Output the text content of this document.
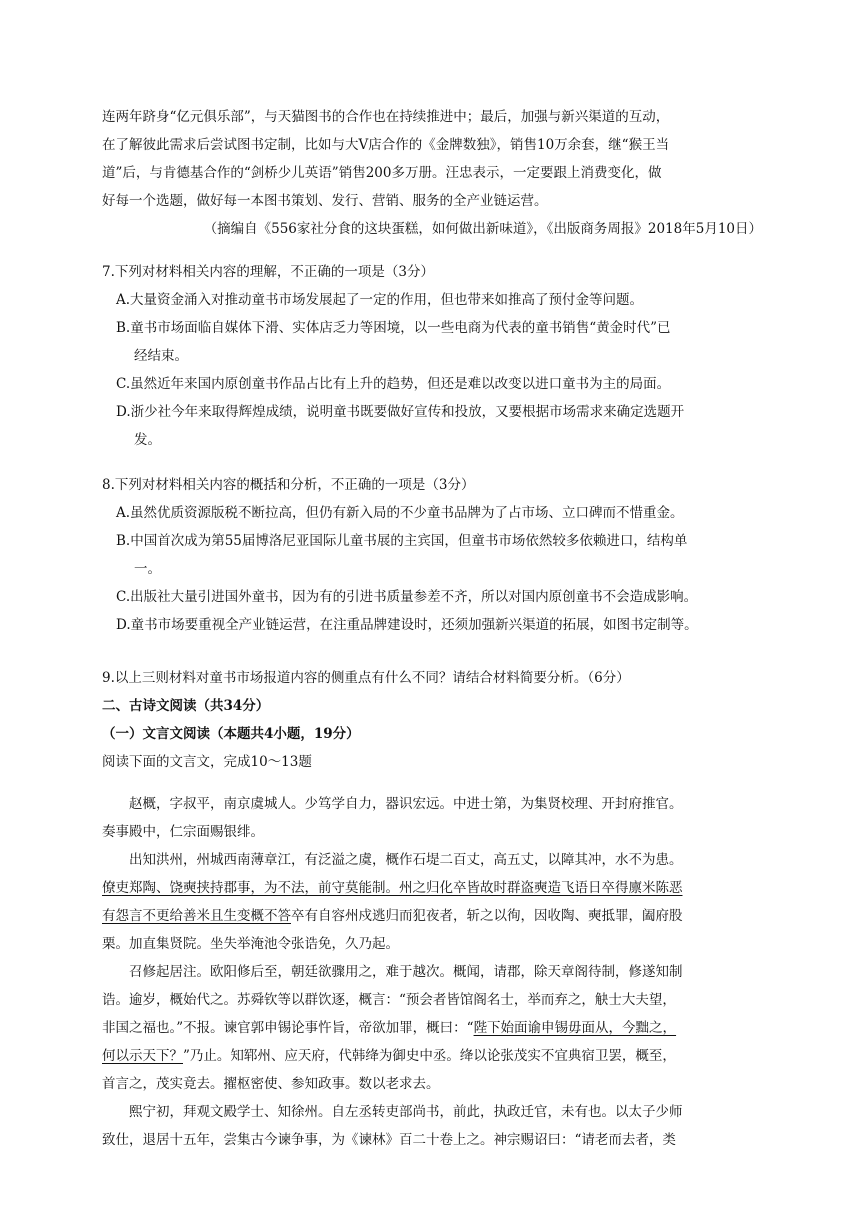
连两年跻身“亿元俱乐部”，与天猫图书的合作也在持续推进中；最后，加强与新兴渠道的互动，

在了解彼此需求后尝试图书定制，比如与大V店合作的《金牌数独》，销售10万余套，继“猴王当

道”后，与肯德基合作的“剑桥少儿英语”销售200多万册。汪忠表示，一定要跟上消费变化，做

好每一个选题，做好每一本图书策划、发行、营销、服务的全产业链运营。

（摘编自《556家社分食的这块蛋糕，如何做出新味道》，《出版商务周报》2018年5月10日）

7.下列对材料相关内容的理解，不正确的一项是（3分）

A.大量资金涌入对推动童书市场发展起了一定的作用，但也带来如推高了预付金等问题。

B.童书市场面临自媒体下滑、实体店乏力等困境，以一些电商为代表的童书销售“黄金时代”已

经结束。

C.虽然近年来国内原创童书作品占比有上升的趋势，但还是难以改变以进口童书为主的局面。

D.浙少社今年来取得辉煌成绩，说明童书既要做好宣传和投放，又要根据市场需求来确定选题开

发。

8.下列对材料相关内容的概括和分析，不正确的一项是（3分）

A.虽然优质资源版税不断拉高，但仍有新入局的不少童书品牌为了占市场、立口碑而不惜重金。

B.中国首次成为第55届博洛尼亚国际儿童书展的主宾国，但童书市场依然较多依赖进口，结构单

一。

C.出版社大量引进国外童书，因为有的引进书质量参差不齐，所以对国内原创童书不会造成影响。

D.童书市场要重视全产业链运营，在注重品牌建设时，还须加强新兴渠道的拓展，如图书定制等。

9.以上三则材料对童书市场报道内容的侧重点有什么不同？请结合材料简要分析。（6分）

二、古诗文阅读（共34分）

（一）文言文阅读（本题共4小题，19分）

阅读下面的文言文，完成10～13题

赵概，字叔平，南京虞城人。少笃学自力，器识宏远。中进士第，为集贤校理、开封府推官。

奏事殿中，仁宗面赐银绯。

出知洪州，州城西南薄章江，有泛溢之虞，概作石堤二百丈，高五丈，以障其冲，水不为患。

僚吏郑陶、饶奭挟持郡事，为不法，前守莫能制。州之归化卒皆故时群盗奭造飞语日卒得廪米陈恶

有怨言不更给善米且生变概不答卒有自容州戍逃归而犯夜者，斩之以徇，因收陶、奭抵罪，阖府股

栗。加直集贤院。坐失举淹池令张诰免，久乃起。

召修起居注。欧阳修后至，朝廷欲骤用之，难于越次。概闻，请郡，除天章阁待制，修遂知制

诰。逾岁，概始代之。苏舜钦等以群饮逐，概言：“预会者皆馆阁名士，举而弃之，觖士大夫望，

非国之福也。”不报。谏官郭申锡论事忤旨，帝欲加罪，概曰：“陛下始面谕申锡毋面从，今黜之，

何以示天下？”乃止。知郓州、应天府，代韩绛为御史中丞。绛以论张茂实不宜典宿卫罢，概至，

首言之，茂实竟去。擢枢密使、参知政事。数以老求去。

熙宁初，拜观文殿学士、知徐州。自左丞转吏部尚书，前此，执政迁官，未有也。以太子少师

致仕，退居十五年，尝集古今谏争事，为《谏林》百二十卷上之。神宗赐诏曰：“请老而去者，类
